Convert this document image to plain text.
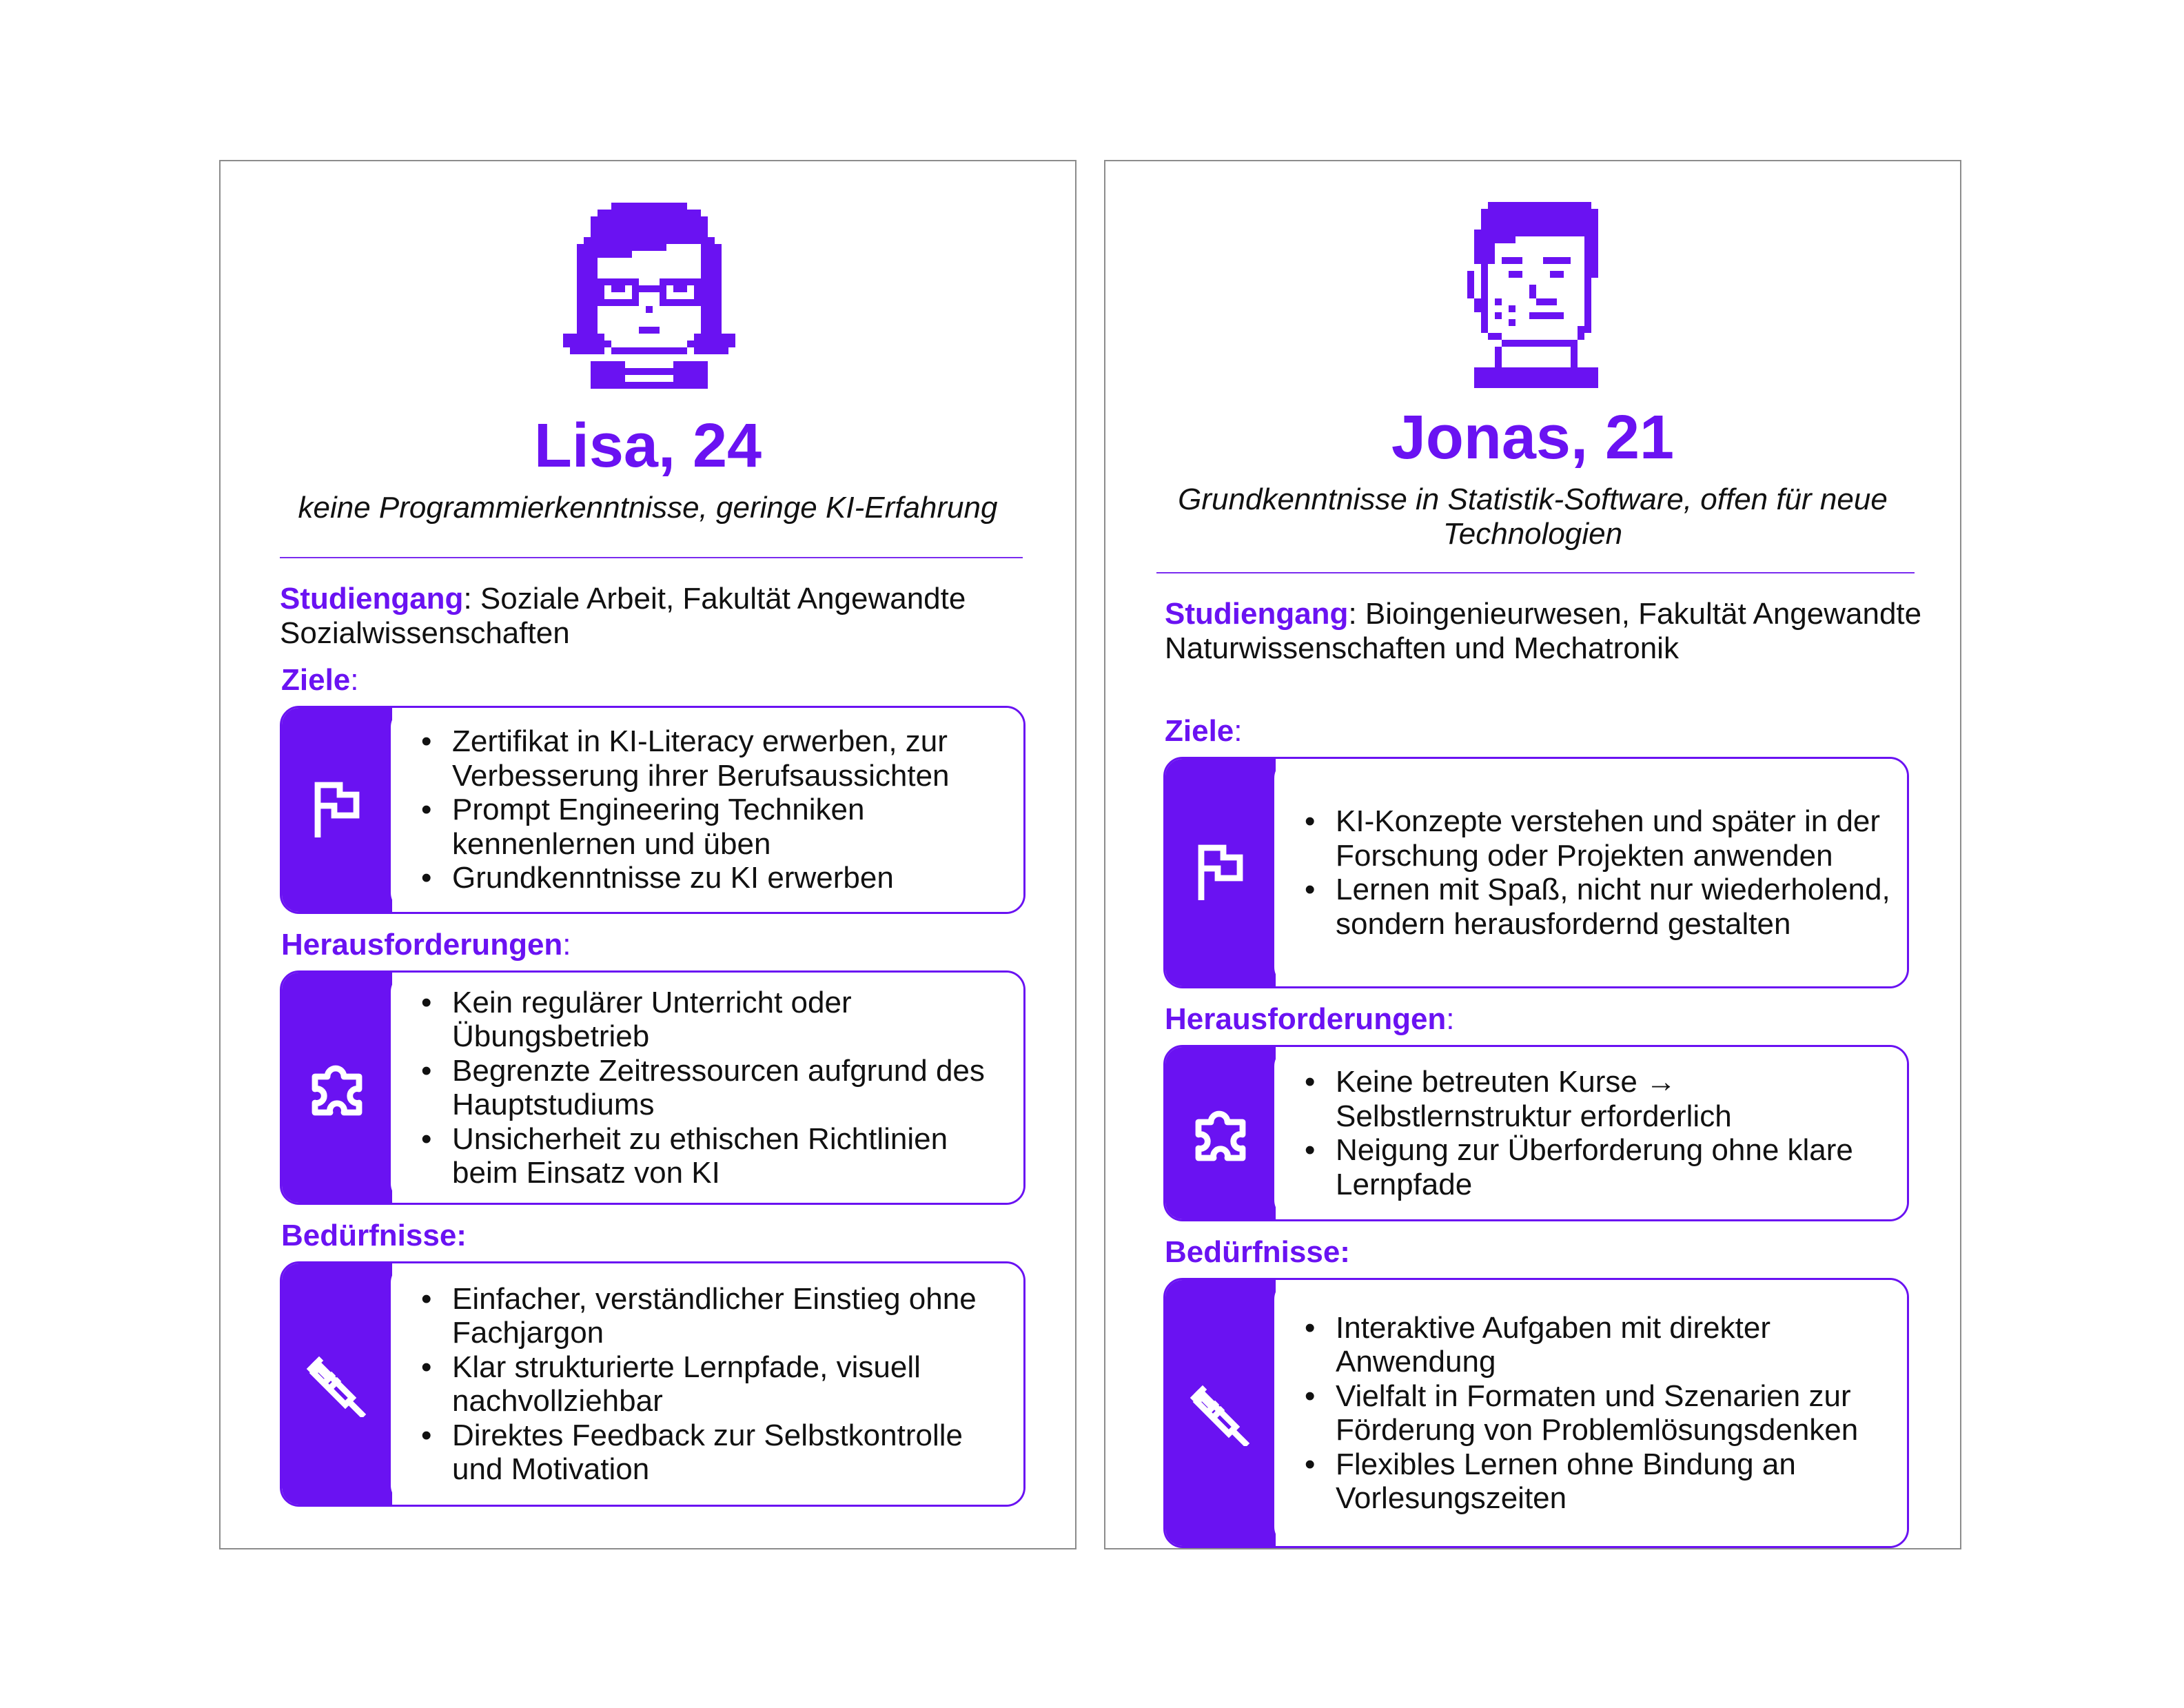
Lisa, 24
keine Programmierkenntnisse, geringe KI-Erfahrung
Studiengang: Soziale Arbeit, Fakultät Angewandte Sozialwissenschaften
Ziele:
• Zertifikat in KI-Literacy erwerben, zur Verbesserung ihrer Berufsaussichten
• Prompt Engineering Techniken kennenlernen und üben
• Grundkenntnisse zu KI erwerben
Herausforderungen:
• Kein regulärer Unterricht oder Übungsbetrieb
• Begrenzte Zeitressourcen aufgrund des Hauptstudiums
• Unsicherheit zu ethischen Richtlinien beim Einsatz von KI
Bedürfnisse:
• Einfacher, verständlicher Einstieg ohne Fachjargon
• Klar strukturierte Lernpfade, visuell nachvollziehbar
• Direktes Feedback zur Selbstkontrolle und Motivation
Jonas, 21
Grundkenntnisse in Statistik-Software, offen für neue Technologien
Studiengang: Bioingenieurwesen, Fakultät Angewandte Naturwissenschaften und Mechatronik
Ziele:
• KI-Konzepte verstehen und später in der Forschung oder Projekten anwenden
• Lernen mit Spaß, nicht nur wiederholend, sondern herausfordernd gestalten
Herausforderungen:
• Keine betreuten Kurse → Selbstlernstruktur erforderlich
• Neigung zur Überforderung ohne klare Lernpfade
Bedürfnisse:
• Interaktive Aufgaben mit direkter Anwendung
• Vielfalt in Formaten und Szenarien zur Förderung von Problemlösungsdenken
• Flexibles Lernen ohne Bindung an Vorlesungszeiten
